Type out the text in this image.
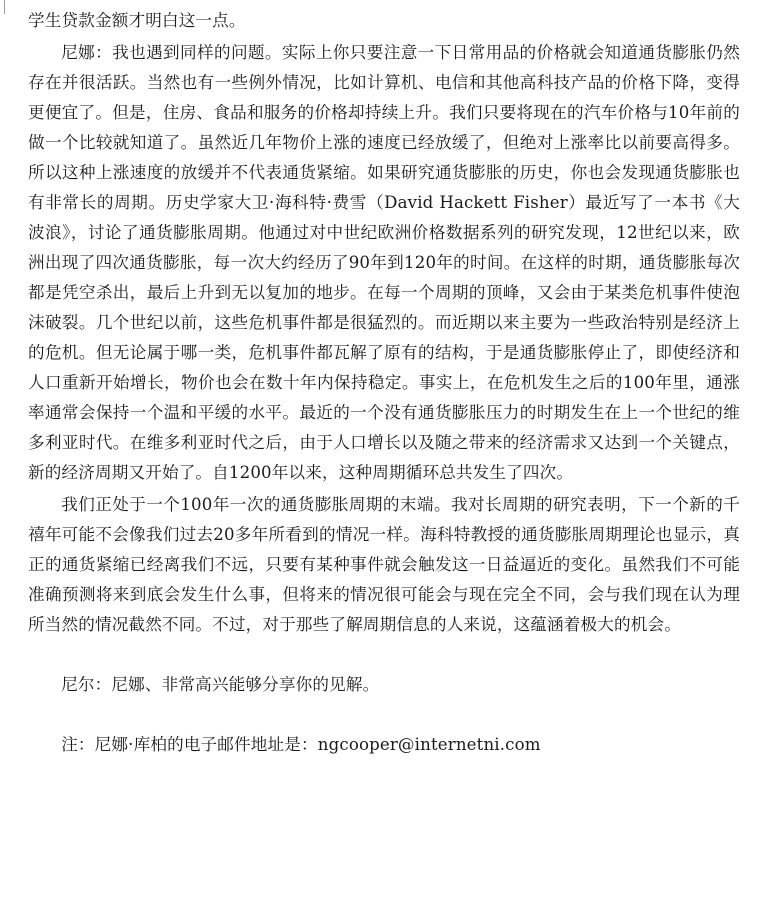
学生贷款金额才明白这一点。

尼娜：我也遇到同样的问题。实际上你只要注意一下日常用品的价格就会知道通货膨胀仍然存在并很活跃。当然也有一些例外情况，比如计算机、电信和其他高科技产品的价格下降，变得更便宜了。但是，住房、食品和服务的价格却持续上升。我们只要将现在的汽车价格与10年前的做一个比较就知道了。虽然近几年物价上涨的速度已经放缓了，但绝对上涨率比以前要高得多。所以这种上涨速度的放缓并不代表通货紧缩。如果研究通货膨胀的历史，你也会发现通货膨胀也有非常长的周期。历史学家大卫·海科特·费雪（David Hackett Fisher）最近写了一本书《大波浪》，讨论了通货膨胀周期。他通过对中世纪欧洲价格数据系列的研究发现，12世纪以来，欧洲出现了四次通货膨胀，每一次大约经历了90年到120年的时间。在这样的时期，通货膨胀每次都是凭空杀出，最后上升到无以复加的地步。在每一个周期的顶峰，又会由于某类危机事件使泡沫破裂。几个世纪以前，这些危机事件都是很猛烈的。而近期以来主要为一些政治特别是经济上的危机。但无论属于哪一类，危机事件都瓦解了原有的结构，于是通货膨胀停止了，即使经济和人口重新开始增长，物价也会在数十年内保持稳定。事实上，在危机发生之后的100年里，通涨率通常会保持一个温和平缓的水平。最近的一个没有通货膨胀压力的时期发生在上一个世纪的维多利亚时代。在维多利亚时代之后，由于人口增长以及随之带来的经济需求又达到一个关键点，新的经济周期又开始了。自1200年以来，这种周期循环总共发生了四次。

我们正处于一个100年一次的通货膨胀周期的末端。我对长周期的研究表明，下一个新的千禧年可能不会像我们过去20多年所看到的情况一样。海科特教授的通货膨胀周期理论也显示，真正的通货紧缩已经离我们不远，只要有某种事件就会触发这一日益逼近的变化。虽然我们不可能准确预测将来到底会发生什么事，但将来的情况很可能会与现在完全不同，会与我们现在认为理所当然的情况截然不同。不过，对于那些了解周期信息的人来说，这蕴涵着极大的机会。

尼尔：尼娜、非常高兴能够分享你的见解。

注：尼娜·库柏的电子邮件地址是：ngcooper@internetni.com
